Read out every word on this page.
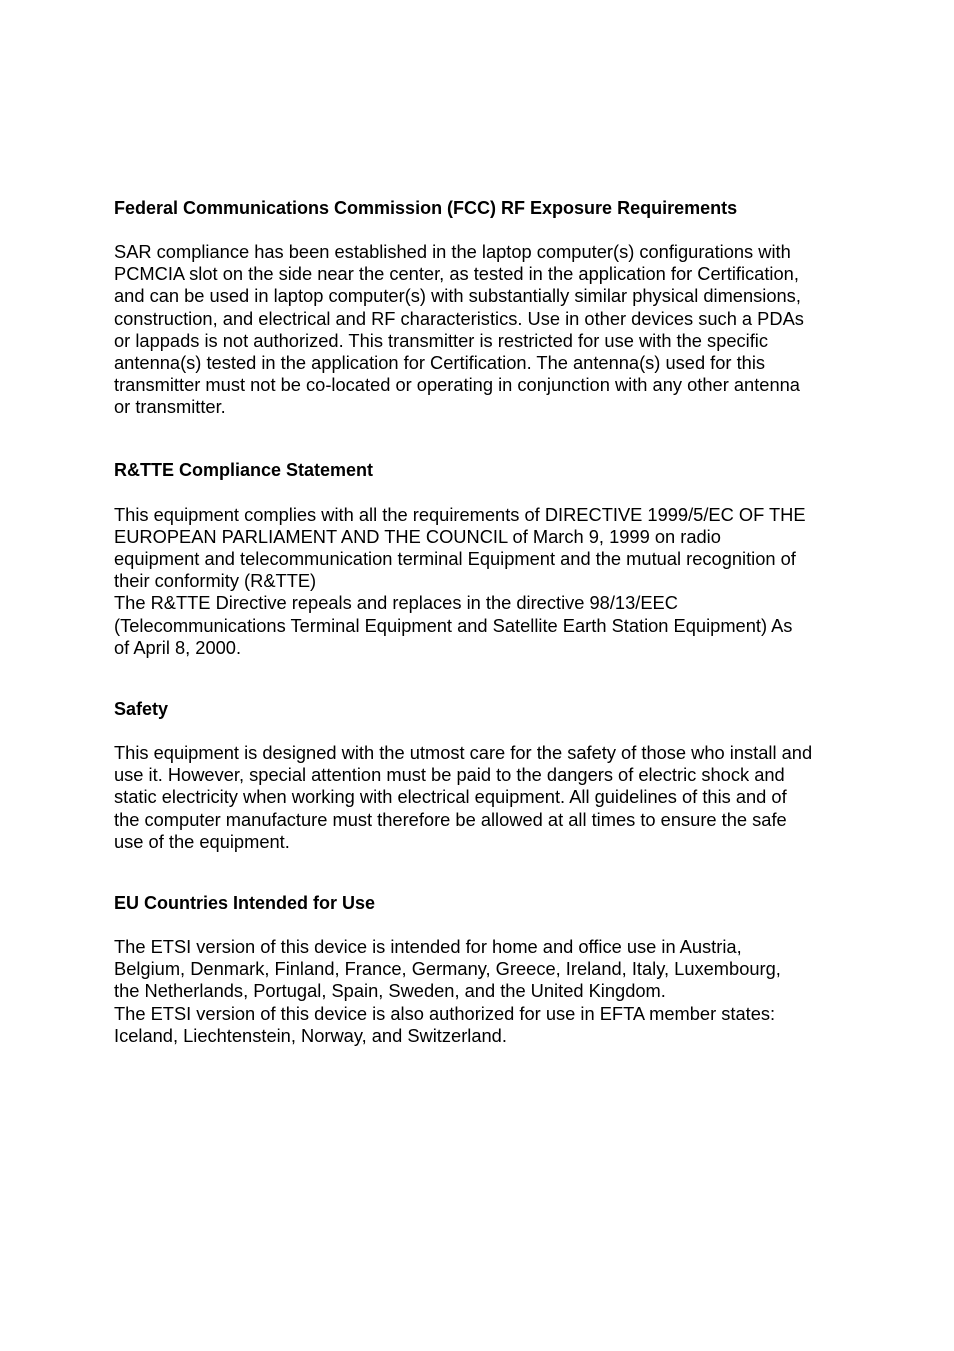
Federal Communications Commission (FCC) RF Exposure Requirements
SAR compliance has been established in the laptop computer(s) configurations with
PCMCIA slot on the side near the center, as tested in the application for Certification,
and can be used in laptop computer(s) with substantially similar physical dimensions,
construction, and electrical and RF characteristics. Use in other devices such a PDAs
or lappads is not authorized. This transmitter is restricted for use with the specific
antenna(s) tested in the application for Certification. The antenna(s) used for this
transmitter must not be co-located or operating in conjunction with any other antenna
or transmitter.
R&TTE Compliance Statement
This equipment complies with all the requirements of DIRECTIVE 1999/5/EC OF THE
EUROPEAN PARLIAMENT AND THE COUNCIL of March 9, 1999 on radio
equipment and telecommunication terminal Equipment and the mutual recognition of
their conformity (R&TTE)
The R&TTE Directive repeals and replaces in the directive 98/13/EEC
(Telecommunications Terminal Equipment and Satellite Earth Station Equipment) As
of April 8, 2000.
Safety
This equipment is designed with the utmost care for the safety of those who install and
use it. However, special attention must be paid to the dangers of electric shock and
static electricity when working with electrical equipment. All guidelines of this and of
the computer manufacture must therefore be allowed at all times to ensure the safe
use of the equipment.
EU Countries Intended for Use
The ETSI version of this device is intended for home and office use in Austria,
Belgium, Denmark, Finland, France, Germany, Greece, Ireland, Italy, Luxembourg,
the Netherlands, Portugal, Spain, Sweden, and the United Kingdom.
The ETSI version of this device is also authorized for use in EFTA member states:
Iceland, Liechtenstein, Norway, and Switzerland.
